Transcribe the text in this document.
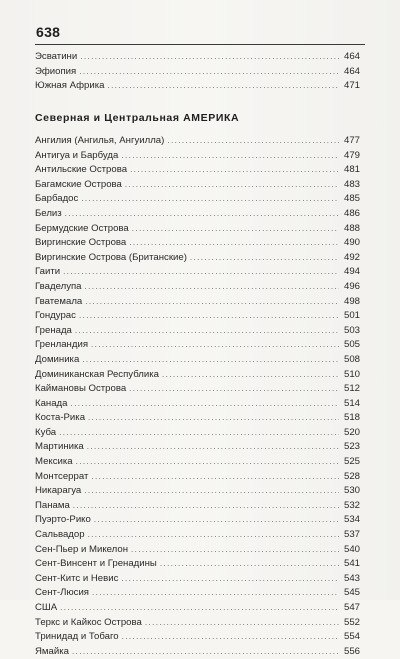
638
Эсватини .....	464
Эфиопия .....	464
Южная Африка .....	471
Северная и Центральная АМЕРИКА
Ангилия (Ангилья, Ангуилла) .....	477
Антигуа и Барбуда .....	479
Антильские Острова .....	481
Багамские Острова .....	483
Барбадос .....	485
Белиз .....	486
Бермудские Острова .....	488
Виргинские Острова .....	490
Виргинские Острова (Британские) .....	492
Гаити .....	494
Гваделупа .....	496
Гватемала .....	498
Гондурас .....	501
Гренада .....	503
Гренландия .....	505
Доминика .....	508
Доминиканская Республика .....	510
Каймановы Острова .....	512
Канада .....	514
Коста-Рика .....	518
Куба .....	520
Мартиника .....	523
Мексика .....	525
Монтсеррат .....	528
Никарагуа .....	530
Панама .....	532
Пуэрто-Рико .....	534
Сальвадор .....	537
Сен-Пьер и Микелон .....	540
Сент-Винсент и Гренадины .....	541
Сент-Китс и Невис .....	543
Сент-Люсия .....	545
США .....	547
Теркс и Кайкос Острова .....	552
Тринидад и Тобаго .....	554
Ямайка .....	556
